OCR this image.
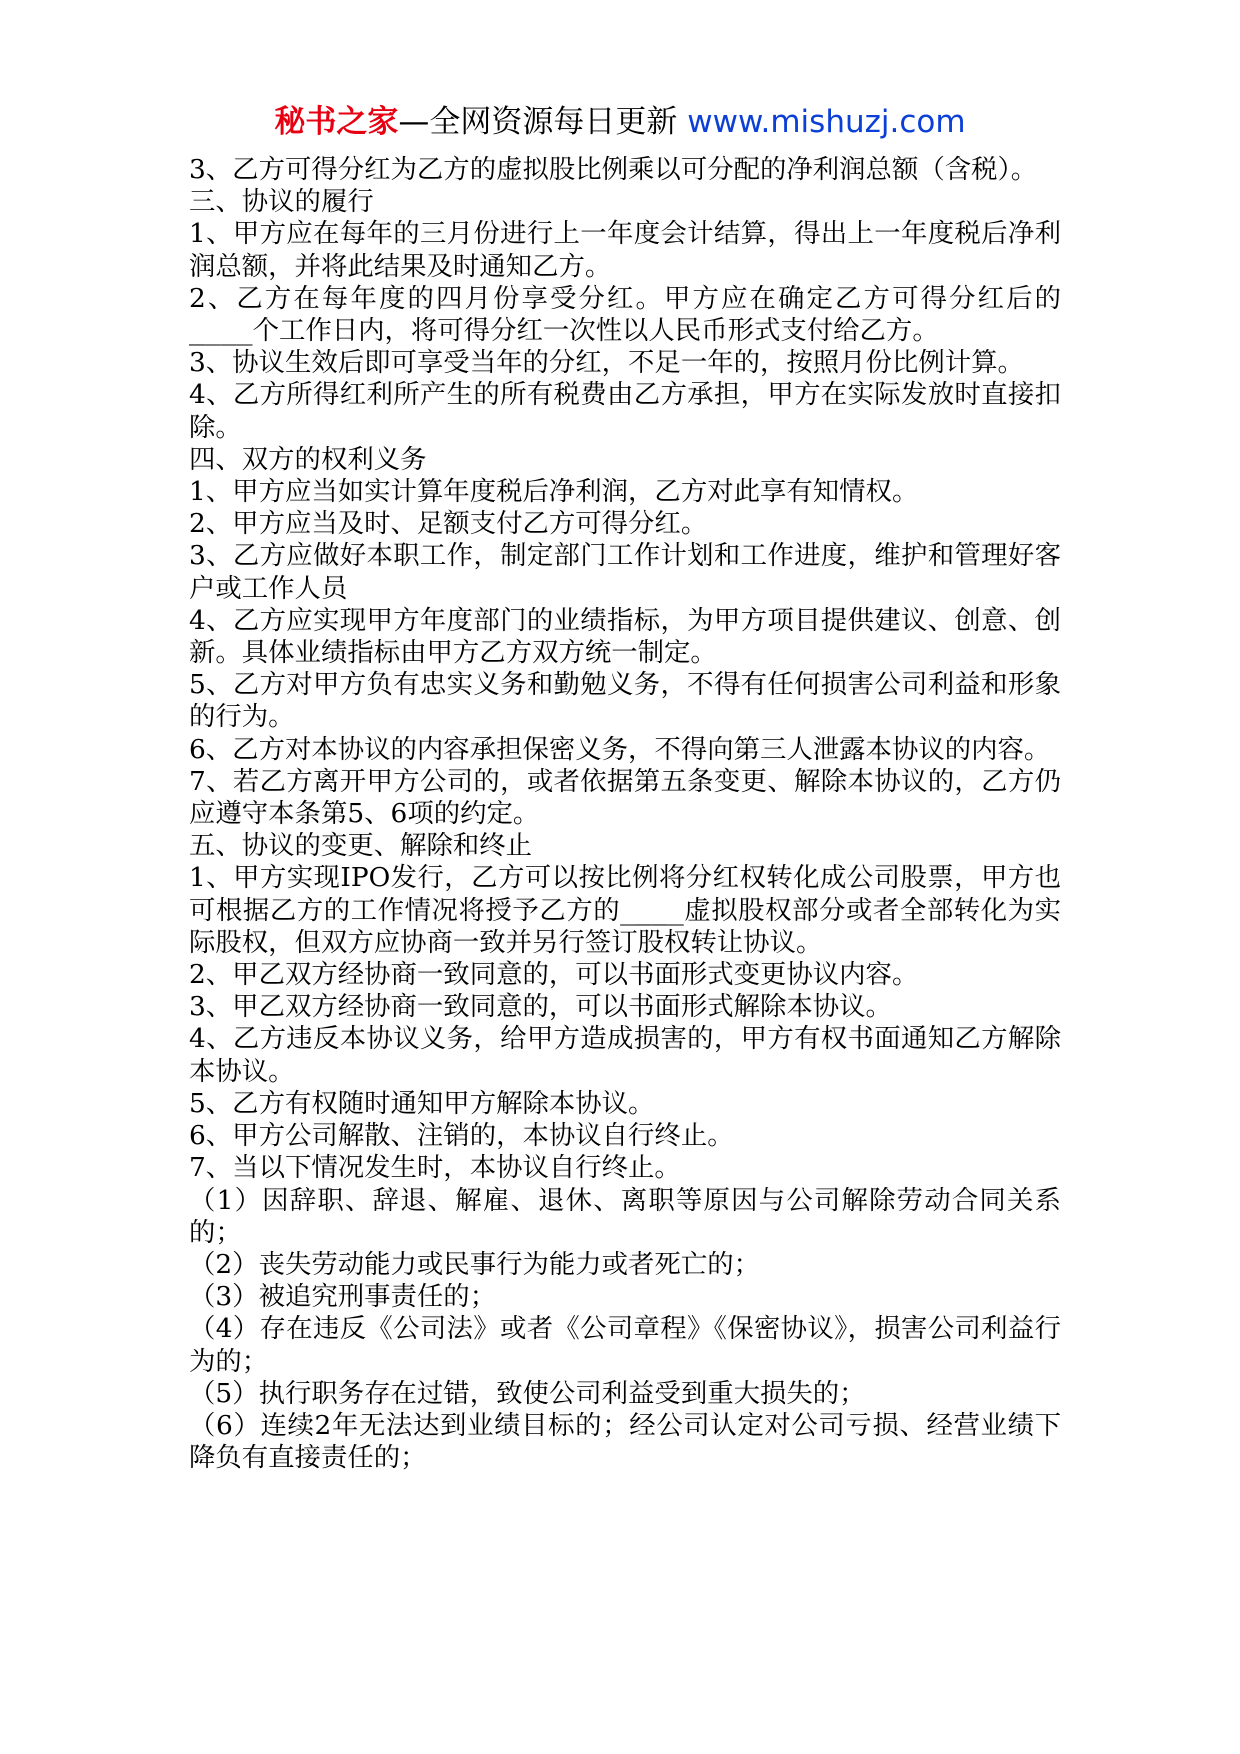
秘书之家—全网资源每日更新 www.mishuzj.com

3、乙方可得分红为乙方的虚拟股比例乘以可分配的净利润总额（含税）。

三、协议的履行

1、甲方应在每年的三月份进行上一年度会计结算，得出上一年度税后净利润总额，并将此结果及时通知乙方。

2、乙方在每年度的四月份享受分红。甲方应在确定乙方可得分红后的____个工作日内，将可得分红一次性以人民币形式支付给乙方。

3、协议生效后即可享受当年的分红，不足一年的，按照月份比例计算。

4、乙方所得红利所产生的所有税费由乙方承担，甲方在实际发放时直接扣除。

四、双方的权利义务

1、甲方应当如实计算年度税后净利润，乙方对此享有知情权。

2、甲方应当及时、足额支付乙方可得分红。

3、乙方应做好本职工作，制定部门工作计划和工作进度，维护和管理好客户或工作人员

4、乙方应实现甲方年度部门的业绩指标，为甲方项目提供建议、创意、创新。具体业绩指标由甲方乙方双方统一制定。

5、乙方对甲方负有忠实义务和勤勉义务，不得有任何损害公司利益和形象的行为。

6、乙方对本协议的内容承担保密义务，不得向第三人泄露本协议的内容。

7、若乙方离开甲方公司的，或者依据第五条变更、解除本协议的，乙方仍应遵守本条第5、6项的约定。

五、协议的变更、解除和终止

1、甲方实现IPO发行，乙方可以按比例将分红权转化成公司股票，甲方也可根据乙方的工作情况将授予乙方的____虚拟股权部分或者全部转化为实际股权，但双方应协商一致并另行签订股权转让协议。

2、甲乙双方经协商一致同意的，可以书面形式变更协议内容。

3、甲乙双方经协商一致同意的，可以书面形式解除本协议。

4、乙方违反本协议义务，给甲方造成损害的，甲方有权书面通知乙方解除本协议。

5、乙方有权随时通知甲方解除本协议。

6、甲方公司解散、注销的，本协议自行终止。

7、当以下情况发生时，本协议自行终止。

（1）因辞职、辞退、解雇、退休、离职等原因与公司解除劳动合同关系的；

（2）丧失劳动能力或民事行为能力或者死亡的；

（3）被追究刑事责任的；

（4）存在违反《公司法》或者《公司章程》《保密协议》，损害公司利益行为的；

（5）执行职务存在过错，致使公司利益受到重大损失的；

（6）连续2年无法达到业绩目标的；经公司认定对公司亏损、经营业绩下降负有直接责任的；
